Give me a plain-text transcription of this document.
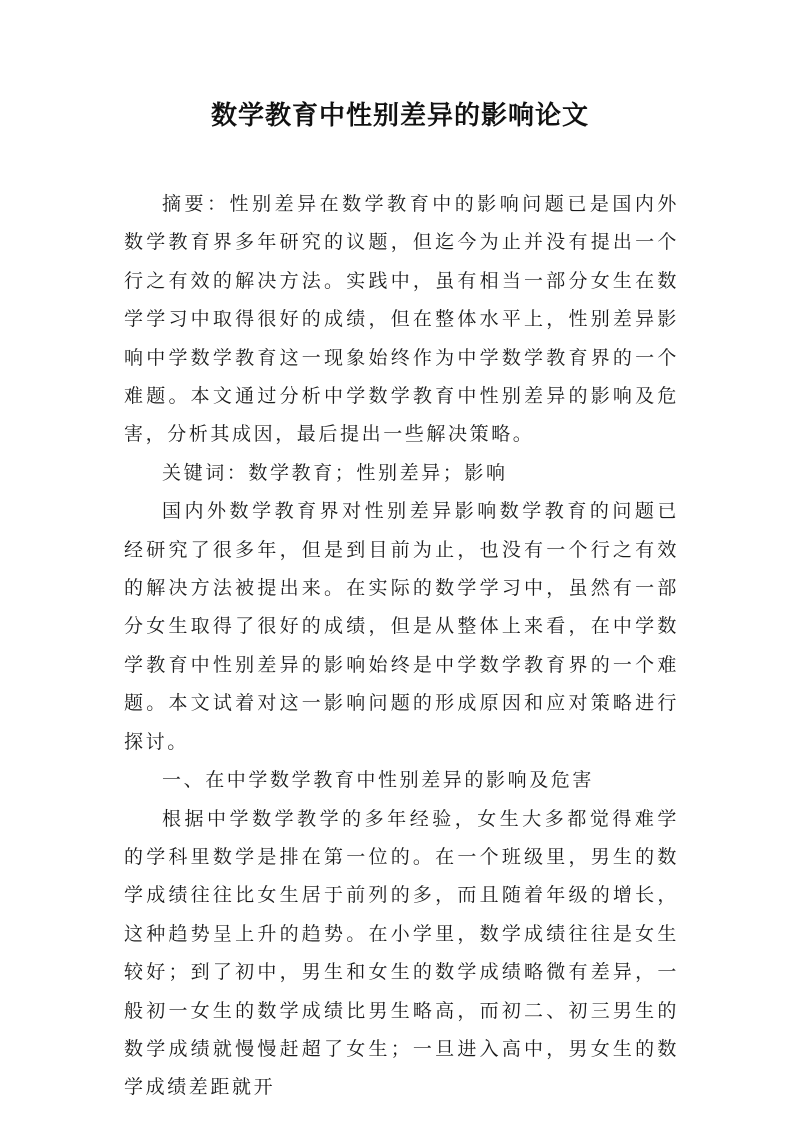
数学教育中性别差异的影响论文

摘要：性别差异在数学教育中的影响问题已是国内外数学教育界多年研究的议题，但迄今为止并没有提出一个行之有效的解决方法。实践中，虽有相当一部分女生在数学学习中取得很好的成绩，但在整体水平上，性别差异影响中学数学教育这一现象始终作为中学数学教育界的一个难题。本文通过分析中学数学教育中性别差异的影响及危害，分析其成因，最后提出一些解决策略。

关键词：数学教育；性别差异；影响

国内外数学教育界对性别差异影响数学教育的问题已经研究了很多年，但是到目前为止，也没有一个行之有效的解决方法被提出来。在实际的数学学习中，虽然有一部分女生取得了很好的成绩，但是从整体上来看，在中学数学教育中性别差异的影响始终是中学数学教育界的一个难题。本文试着对这一影响问题的形成原因和应对策略进行探讨。

一、在中学数学教育中性别差异的影响及危害

根据中学数学教学的多年经验，女生大多都觉得难学的学科里数学是排在第一位的。在一个班级里，男生的数学成绩往往比女生居于前列的多，而且随着年级的增长，这种趋势呈上升的趋势。在小学里，数学成绩往往是女生较好；到了初中，男生和女生的数学成绩略微有差异，一般初一女生的数学成绩比男生略高，而初二、初三男生的数学成绩就慢慢赶超了女生；一旦进入高中，男女生的数学成绩差距就开
